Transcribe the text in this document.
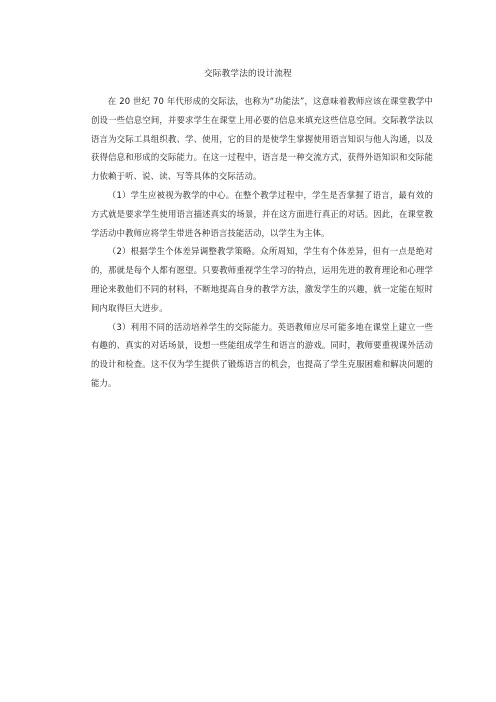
交际教学法的设计流程

在 20 世纪 70 年代形成的交际法，也称为“功能法”，这意味着教师应该在课堂教学中创设一些信息空间，并要求学生在课堂上用必要的信息来填充这些信息空间。交际教学法以语言为交际工具组织教、学、使用，它的目的是使学生掌握使用语言知识与他人沟通，以及获得信息和形成的交际能力。在这一过程中，语言是一种交流方式，获得外语知识和交际能力依赖于听、说、读、写等具体的交际活动。

（1）学生应被视为教学的中心。在整个教学过程中，学生是否掌握了语言，最有效的方式就是要求学生使用语言描述真实的场景，并在这方面进行真正的对话。因此，在课堂教学活动中教师应将学生带进各种语言技能活动，以学生为主体。

（2）根据学生个体差异调整教学策略。众所周知，学生有个体差异，但有一点是绝对的，那就是每个人都有愿望。只要教师重视学生学习的特点，运用先进的教育理论和心理学理论来教他们不同的材料，不断地提高自身的教学方法，激发学生的兴趣，就一定能在短时间内取得巨大进步。

（3）利用不同的活动培养学生的交际能力。英语教师应尽可能多地在课堂上建立一些有趣的、真实的对话场景，设想一些能组成学生和语言的游戏。同时，教师要重视课外活动的设计和检查。这不仅为学生提供了锻炼语言的机会，也提高了学生克服困难和解决问题的能力。
